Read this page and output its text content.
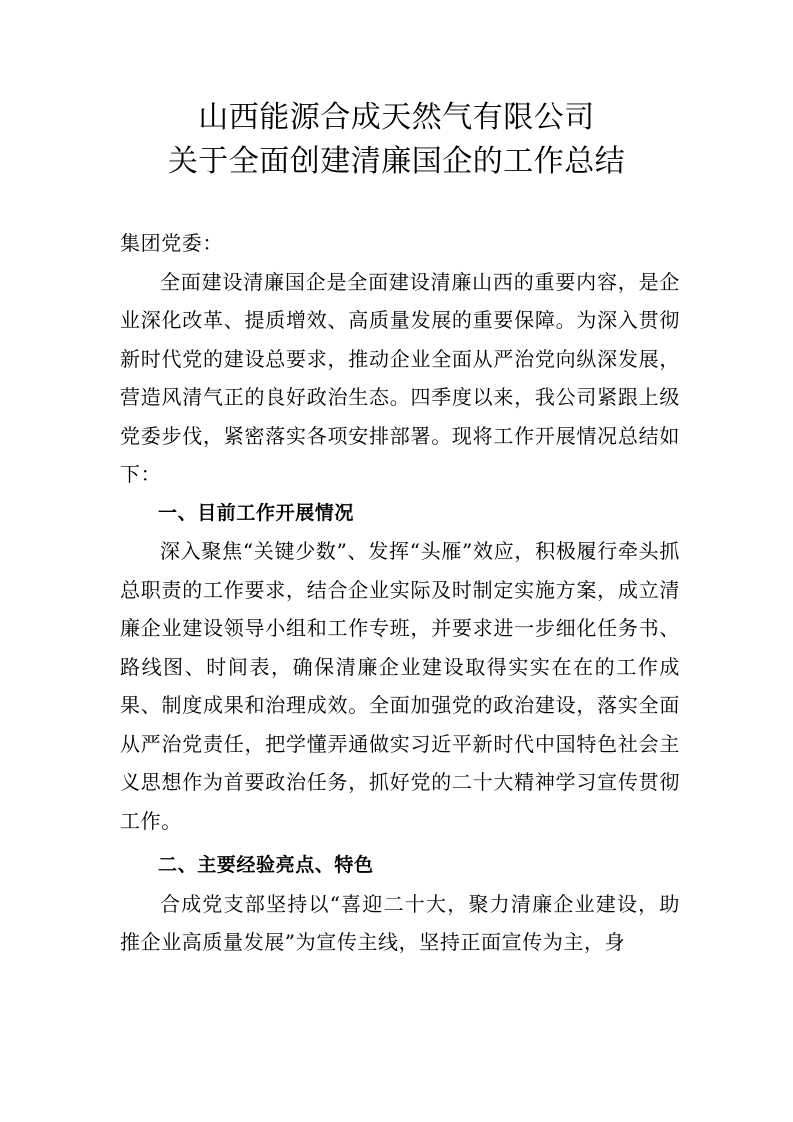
山西能源合成天然气有限公司
关于全面创建清廉国企的工作总结

集团党委：

全面建设清廉国企是全面建设清廉山西的重要内容，是企业深化改革、提质增效、高质量发展的重要保障。为深入贯彻新时代党的建设总要求，推动企业全面从严治党向纵深发展，营造风清气正的良好政治生态。四季度以来，我公司紧跟上级党委步伐，紧密落实各项安排部署。现将工作开展情况总结如下：

一、目前工作开展情况

深入聚焦“关键少数”、发挥“头雁”效应，积极履行牵头抓总职责的工作要求，结合企业实际及时制定实施方案，成立清廉企业建设领导小组和工作专班，并要求进一步细化任务书、路线图、时间表，确保清廉企业建设取得实实在在的工作成果、制度成果和治理成效。全面加强党的政治建设，落实全面从严治党责任，把学懂弄通做实习近平新时代中国特色社会主义思想作为首要政治任务，抓好党的二十大精神学习宣传贯彻工作。

二、主要经验亮点、特色

合成党支部坚持以“喜迎二十大，聚力清廉企业建设，助推企业高质量发展”为宣传主线，坚持正面宣传为主，身
